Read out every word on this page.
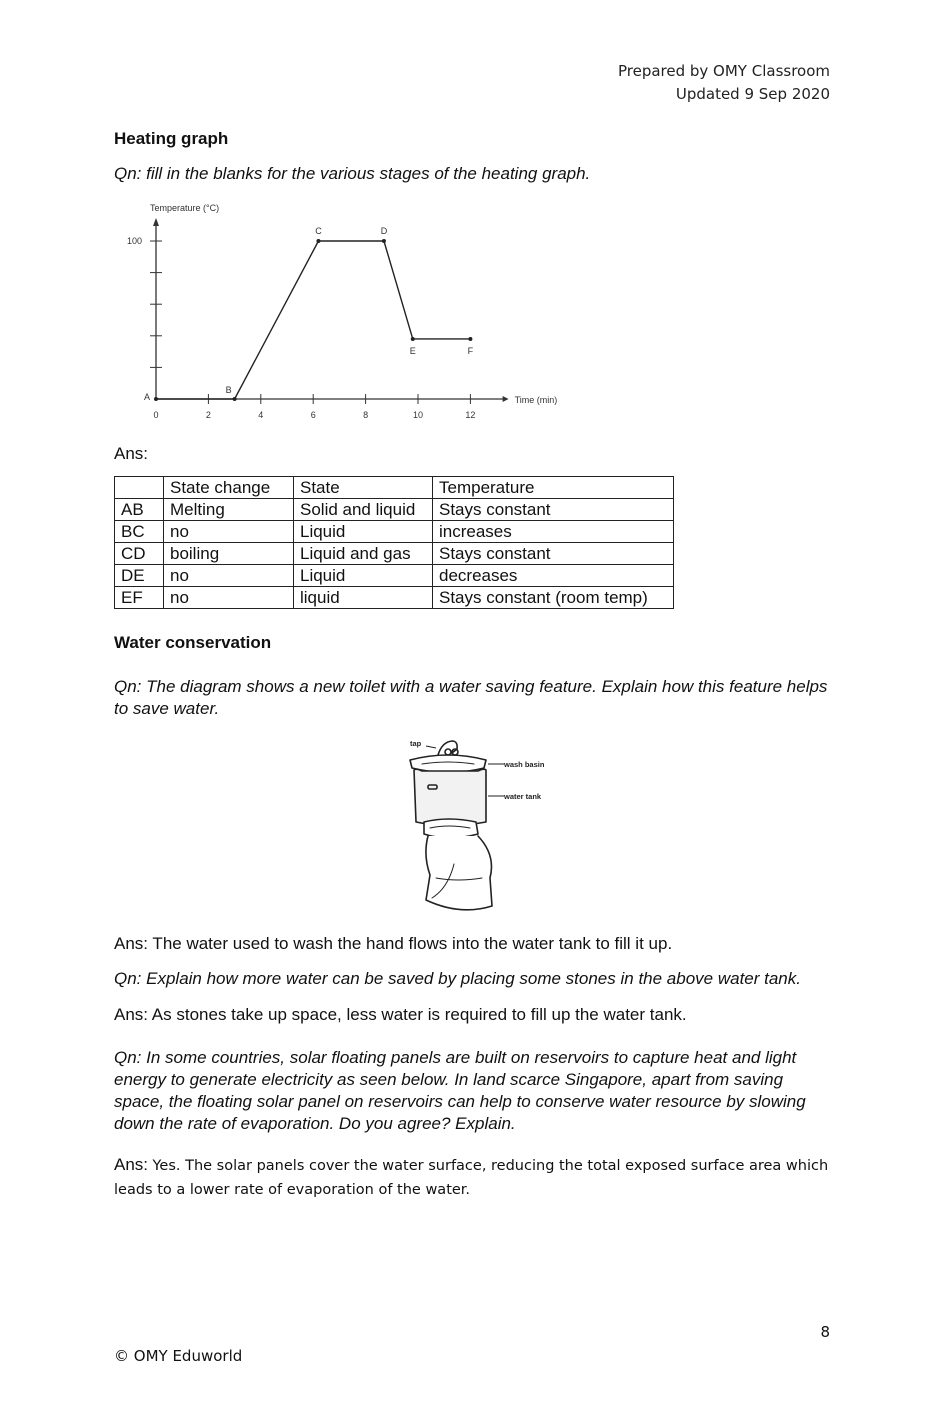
Prepared by OMY Classroom
Updated 9 Sep 2020
Heating graph
Qn: fill in the blanks for the various stages of the heating graph.
100
0	2	4	6	8	10	12
Temperature (°C)
Time (min)
A
B
C	D
E	F
Ans:
	State change	State	Temperature
AB	Melting	Solid and liquid	Stays constant
BC	no	Liquid	increases
CD	boiling	Liquid and gas	Stays constant
DE	no	Liquid	decreases
EF	no	liquid	Stays constant (room temp)
Water conservation
Qn: The diagram shows a new toilet with a water saving feature. Explain how this feature helps to save water.
tap
wash basin
water tank
Ans: The water used to wash the hand flows into the water tank to fill it up.
Qn: Explain how more water can be saved by placing some stones in the above water tank.
Ans: As stones take up space, less water is required to fill up the water tank.
Qn: In some countries, solar floating panels are built on reservoirs to capture heat and light energy to generate electricity as seen below. In land scarce Singapore, apart from saving space, the floating solar panel on reservoirs can help to conserve water resource by slowing down the rate of evaporation. Do you agree? Explain.
Ans: Yes. The solar panels cover the water surface, reducing the total exposed surface area which leads to a lower rate of evaporation of the water.
8
© OMY Eduworld
